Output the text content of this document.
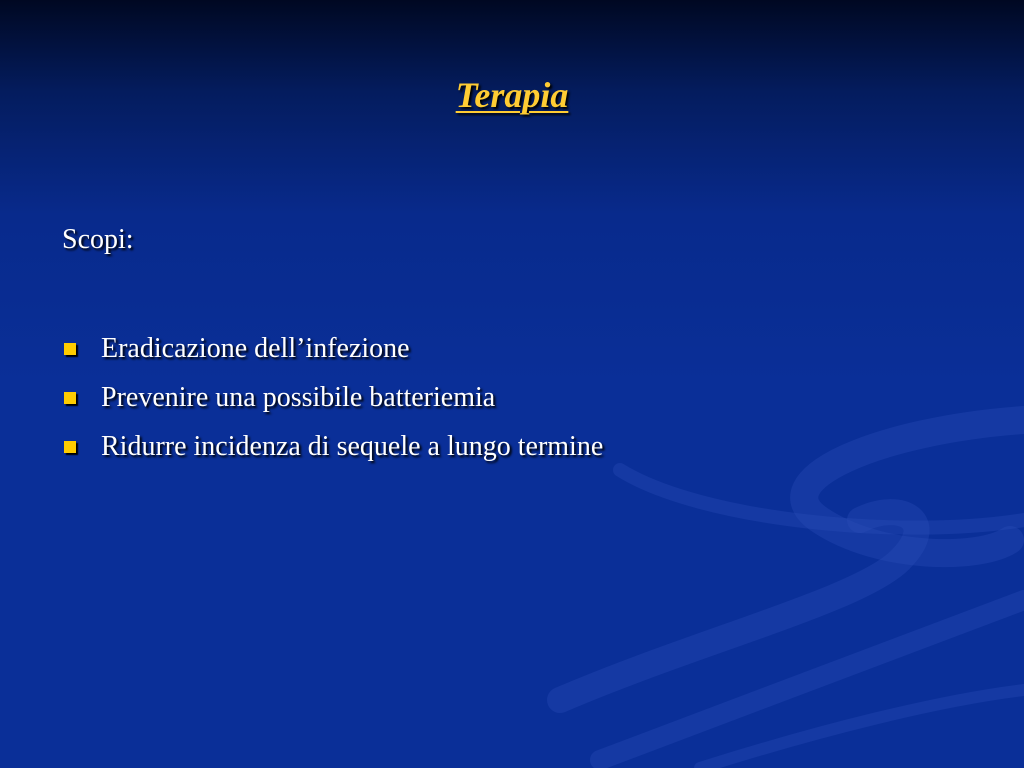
Terapia
Scopi:
Eradicazione dell’infezione
Prevenire una possibile batteriemia
Ridurre incidenza di sequele a lungo termine
